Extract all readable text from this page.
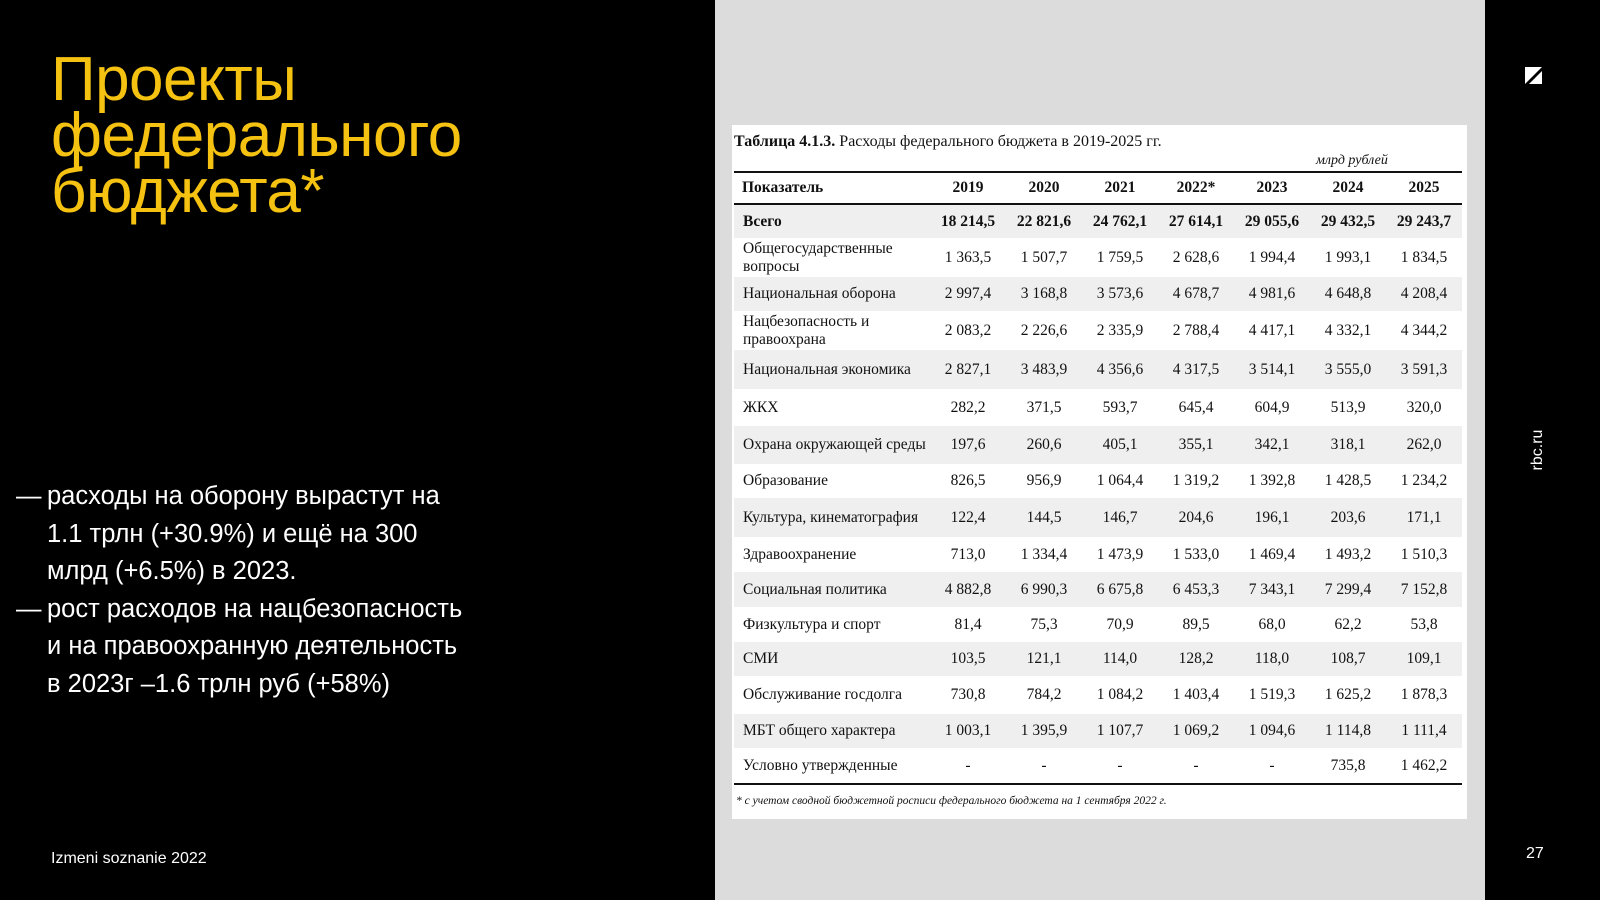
Проекты
федерального
бюджета*
— расходы на оборону вырастут на
1.1 трлн (+30.9%) и ещё на 300
млрд (+6.5%) в 2023.
— рост расходов на нацбезопасность
и на правоохранную деятельность
в 2023г –1.6 трлн руб (+58%)
Izmeni soznanie 2022
Таблица 4.1.3. Расходы федерального бюджета в 2019-2025 гг.
млрд рублей
Показатель	2019	2020	2021	2022*	2023	2024	2025
Всего	18 214,5	22 821,6	24 762,1	27 614,1	29 055,6	29 432,5	29 243,7
Общегосударственные вопросы	1 363,5	1 507,7	1 759,5	2 628,6	1 994,4	1 993,1	1 834,5
Национальная оборона	2 997,4	3 168,8	3 573,6	4 678,7	4 981,6	4 648,8	4 208,4
Нацбезопасность и правоохрана	2 083,2	2 226,6	2 335,9	2 788,4	4 417,1	4 332,1	4 344,2
Национальная экономика	2 827,1	3 483,9	4 356,6	4 317,5	3 514,1	3 555,0	3 591,3
ЖКХ	282,2	371,5	593,7	645,4	604,9	513,9	320,0
Охрана окружающей среды	197,6	260,6	405,1	355,1	342,1	318,1	262,0
Образование	826,5	956,9	1 064,4	1 319,2	1 392,8	1 428,5	1 234,2
Культура, кинематография	122,4	144,5	146,7	204,6	196,1	203,6	171,1
Здравоохранение	713,0	1 334,4	1 473,9	1 533,0	1 469,4	1 493,2	1 510,3
Социальная политика	4 882,8	6 990,3	6 675,8	6 453,3	7 343,1	7 299,4	7 152,8
Физкультура и спорт	81,4	75,3	70,9	89,5	68,0	62,2	53,8
СМИ	103,5	121,1	114,0	128,2	118,0	108,7	109,1
Обслуживание госдолга	730,8	784,2	1 084,2	1 403,4	1 519,3	1 625,2	1 878,3
МБТ общего характера	1 003,1	1 395,9	1 107,7	1 069,2	1 094,6	1 114,8	1 111,4
Условно утвержденные	-	-	-	-	-	735,8	1 462,2
* с учетом сводной бюджетной росписи федерального бюджета на 1 сентября 2022 г.
rbc.ru
27
